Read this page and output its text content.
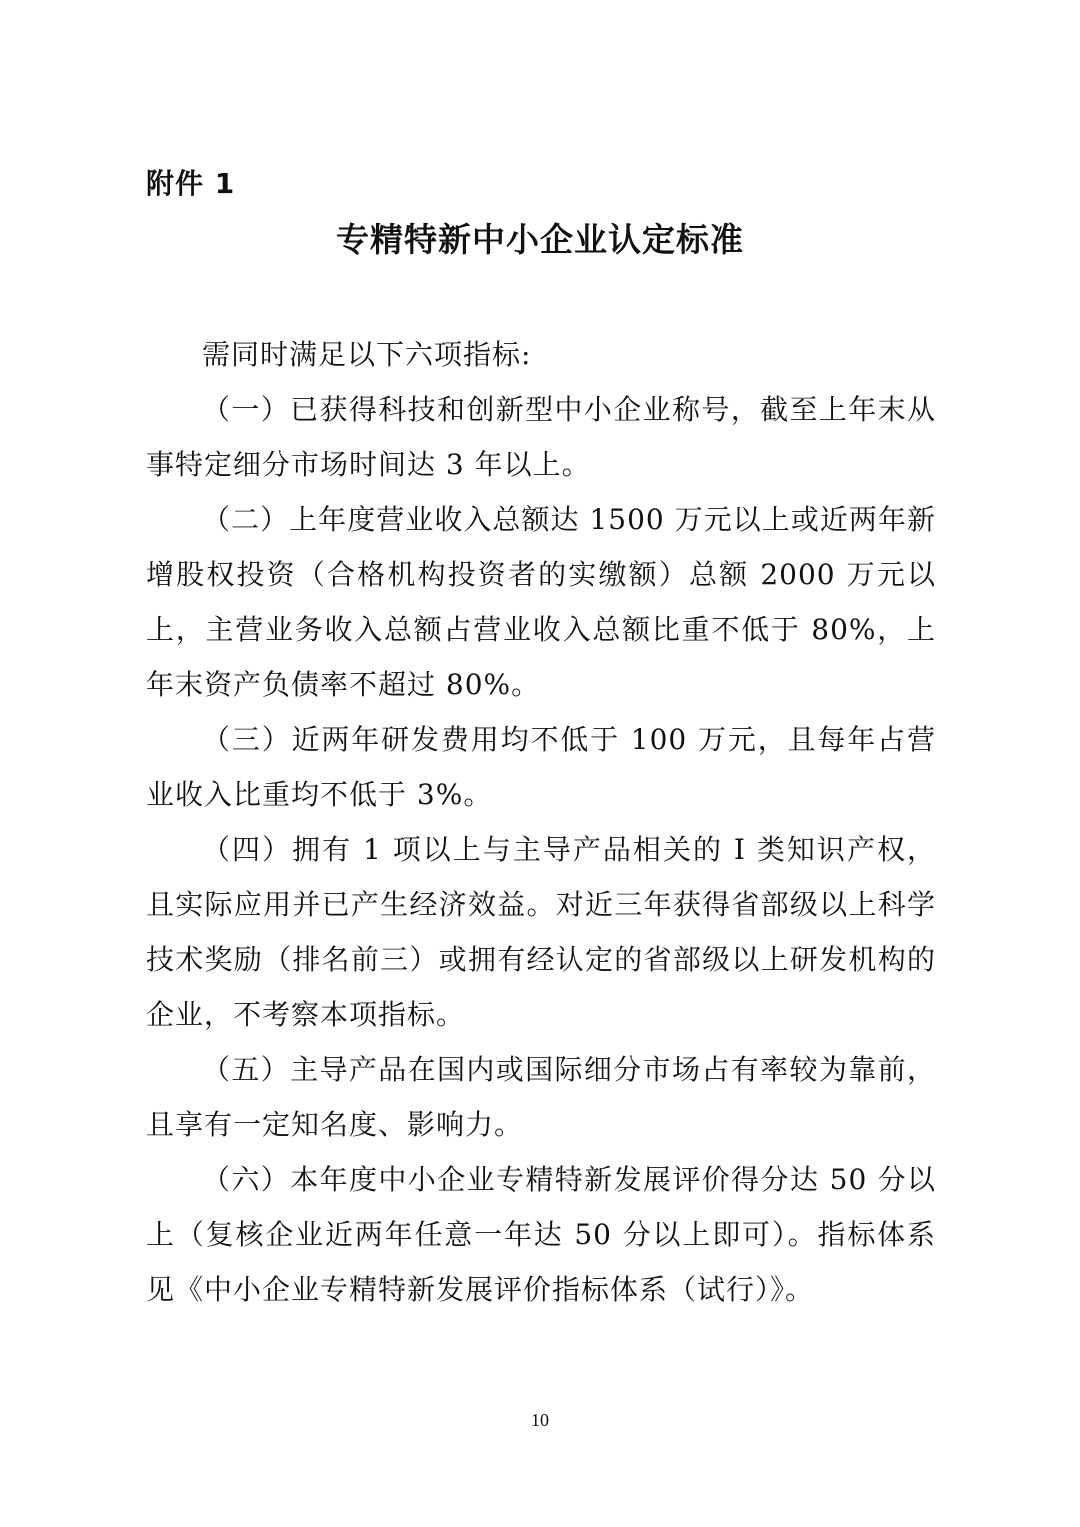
附件 1
专精特新中小企业认定标准

需同时满足以下六项指标:

（一）已获得科技和创新型中小企业称号，截至上年末从事特定细分市场时间达 3 年以上。

（二）上年度营业收入总额达 1500 万元以上或近两年新增股权投资（合格机构投资者的实缴额）总额 2000 万元以上，主营业务收入总额占营业收入总额比重不低于 80%，上年末资产负债率不超过 80%。

（三）近两年研发费用均不低于 100 万元，且每年占营业收入比重均不低于 3%。

（四）拥有 1 项以上与主导产品相关的 I 类知识产权，且实际应用并已产生经济效益。对近三年获得省部级以上科学技术奖励（排名前三）或拥有经认定的省部级以上研发机构的企业，不考察本项指标。

（五）主导产品在国内或国际细分市场占有率较为靠前，且享有一定知名度、影响力。

（六）本年度中小企业专精特新发展评价得分达 50 分以上（复核企业近两年任意一年达 50 分以上即可）。指标体系见《中小企业专精特新发展评价指标体系（试行）》。

10
